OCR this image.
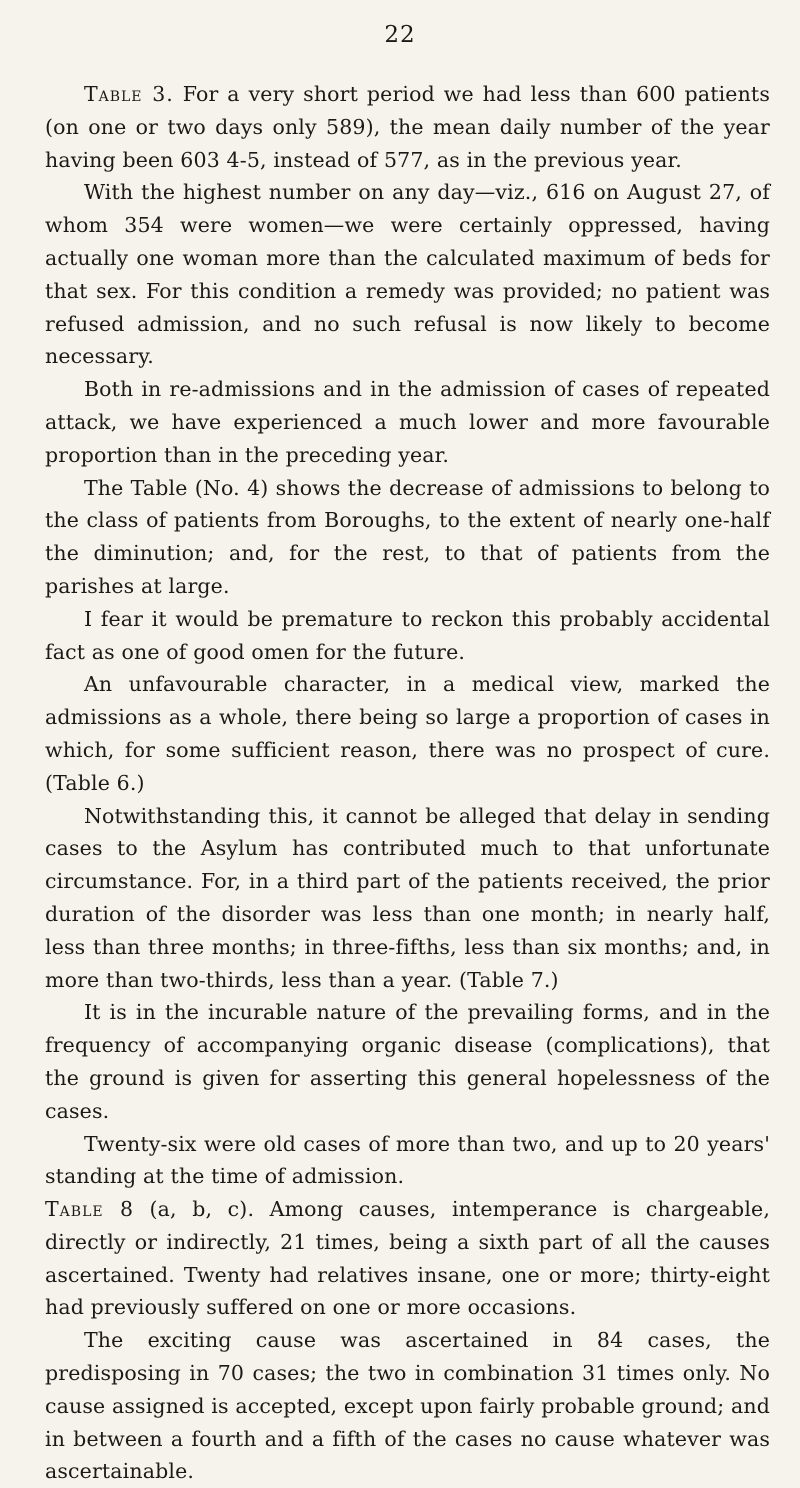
22

Table 3. For a very short period we had less than 600 patients (on one or two days only 589), the mean daily number of the year having been 603 4-5, instead of 577, as in the previous year.

With the highest number on any day—viz., 616 on August 27, of whom 354 were women—we were certainly oppressed, having actually one woman more than the calculated maximum of beds for that sex. For this condition a remedy was provided; no patient was refused admission, and no such refusal is now likely to become necessary.

Both in re-admissions and in the admission of cases of repeated attack, we have experienced a much lower and more favourable proportion than in the preceding year.

The Table (No. 4) shows the decrease of admissions to belong to the class of patients from Boroughs, to the extent of nearly one-half the diminution; and, for the rest, to that of patients from the parishes at large.

I fear it would be premature to reckon this probably accidental fact as one of good omen for the future.

An unfavourable character, in a medical view, marked the admissions as a whole, there being so large a proportion of cases in which, for some sufficient reason, there was no prospect of cure. (Table 6.)

Notwithstanding this, it cannot be alleged that delay in sending cases to the Asylum has contributed much to that unfortunate circumstance. For, in a third part of the patients received, the prior duration of the disorder was less than one month; in nearly half, less than three months; in three-fifths, less than six months; and, in more than two-thirds, less than a year. (Table 7.)

It is in the incurable nature of the prevailing forms, and in the frequency of accompanying organic disease (complications), that the ground is given for asserting this general hopelessness of the cases.

Twenty-six were old cases of more than two, and up to 20 years' standing at the time of admission.

Table 8 (a, b, c). Among causes, intemperance is chargeable, directly or indirectly, 21 times, being a sixth part of all the causes ascertained. Twenty had relatives insane, one or more; thirty-eight had previously suffered on one or more occasions.

The exciting cause was ascertained in 84 cases, the predisposing in 70 cases; the two in combination 31 times only. No cause assigned is accepted, except upon fairly probable ground; and in between a fourth and a fifth of the cases no cause whatever was ascertainable.
